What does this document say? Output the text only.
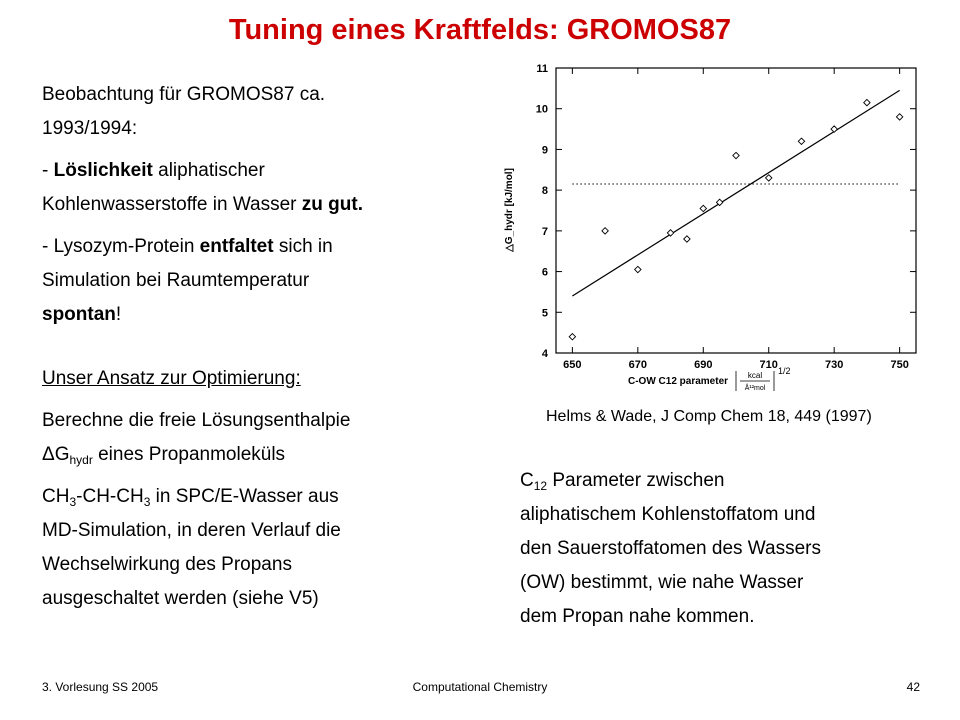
Tuning eines Kraftfelds: GROMOS87

Beobachtung für GROMOS87 ca.
1993/1994:

- Löslichkeit aliphatischer
Kohlenwasserstoffe in Wasser zu gut.

- Lysozym-Protein entfaltet sich in
Simulation bei Raumtemperatur
spontan!

Unser Ansatz zur Optimierung:

Berechne die freie Lösungsenthalpie
$\Delta G_{hydr}$ eines Propanmoleküls

$CH_3-CH-CH_3$ in SPC/E-Wasser aus
MD-Simulation, in deren Verlauf die
Wechselwirkung des Propans
ausgeschaltet werden (siehe V5)

4
5
6
7
8
9
10
11
650	670	690	710	730	750
△G_hydr [kJ/mol]
C-OW C12 parameter
kcal
Å¹²mol
1/2
Helms & Wade, J Comp Chem 18, 449 (1997)
$C_{12}$ Parameter zwischen
aliphatischem Kohlenstoffatom und
den Sauerstoffatomen des Wassers
(OW) bestimmt, wie nahe Wasser
dem Propan nahe kommen.
3. Vorlesung SS 2005	Computational Chemistry	42
